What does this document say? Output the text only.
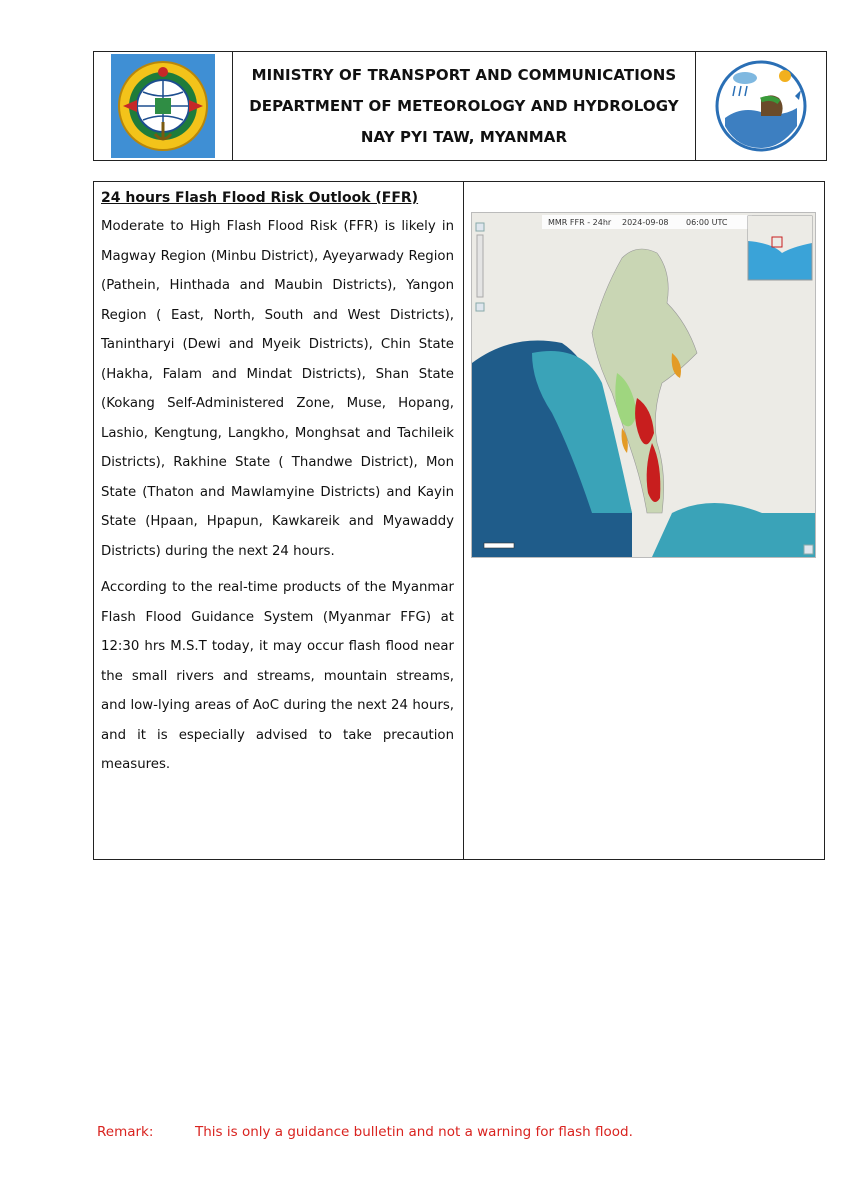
MINISTRY OF TRANSPORT AND COMMUNICATIONS
DEPARTMENT OF METEOROLOGY AND HYDROLOGY
NAY PYI TAW, MYANMAR

24 hours Flash Flood Risk Outlook (FFR)

Moderate to High Flash Flood Risk (FFR) is likely in Magway Region (Minbu District), Ayeyarwady Region (Pathein, Hinthada and Maubin Districts), Yangon Region ( East, North, South and West Districts), Tanintharyi (Dewi and Myeik Districts), Chin State (Hakha, Falam and Mindat Districts), Shan State (Kokang Self-Administered Zone, Muse, Hopang, Lashio, Kengtung, Langkho, Monghsat and Tachileik Districts), Rakhine State ( Thandwe District), Mon State (Thaton and Mawlamyine Districts) and Kayin State (Hpaan, Hpapun, Kawkareik and Myawaddy Districts) during the next 24 hours.

According to the real-time products of the Myanmar Flash Flood Guidance System (Myanmar FFG) at 12:30 hrs M.S.T today, it may occur flash flood near the small rivers and streams, mountain streams, and low-lying areas of AoC during the next 24 hours, and it is especially advised to take precaution measures.

MMR FFR - 24hr 2024-09-08 06:00 UTC
Remark:	This is only a guidance bulletin and not a warning for flash flood.
